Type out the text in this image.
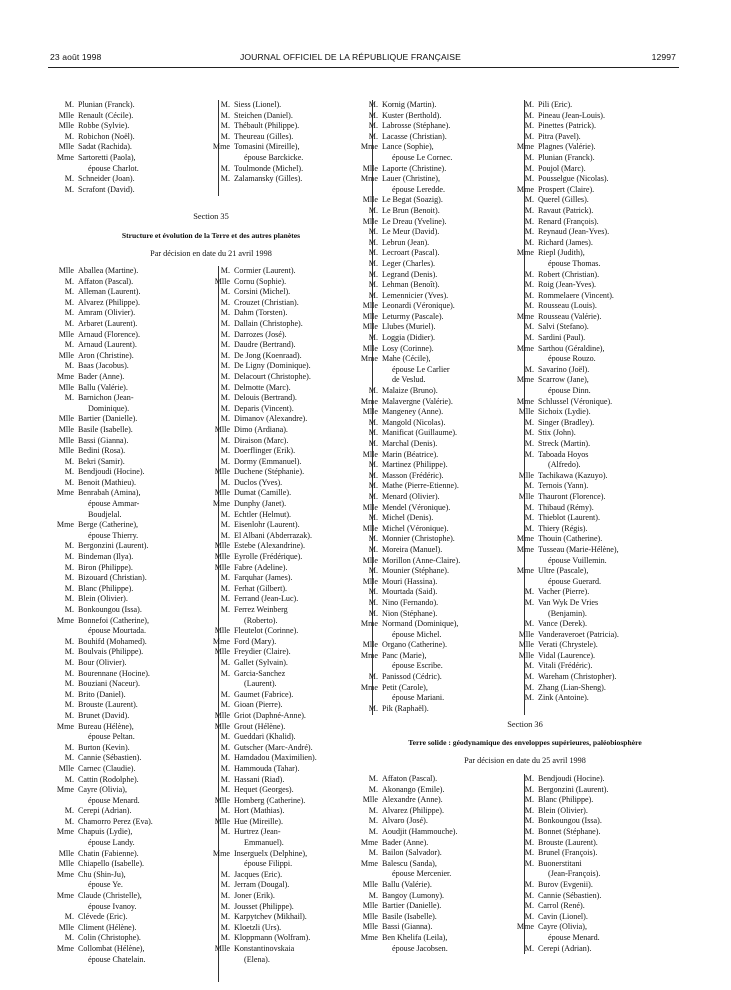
23 août 1998	JOURNAL OFFICIEL DE LA RÉPUBLIQUE FRANÇAISE	12997
M. Plunian (Franck).
Mlle Renault (Cécile).
Mlle Robbe (Sylvie).
M. Robichon (Noël).
Mlle Sadat (Rachida).
Mme Sartoretti (Paola),
épouse Charlot.
M. Schneider (Joan).
M. Scrafont (David).
M. Siess (Lionel).
M. Steichen (Daniel).
M. Thébault (Philippe).
M. Theureau (Gilles).
Mme Tomasini (Mireille),
épouse Barckicke.
M. Toulmonde (Michel).
M. Zalamansky (Gilles).
Section 35
Structure et évolution de la Terre et des autres planètes
Par décision en date du 21 avril 1998
Mlle Aballea (Martine).
M. Affaton (Pascal).
M. Alleman (Laurent).
M. Alvarez (Philippe).
M. Amram (Olivier).
M. Arbaret (Laurent).
Mlle Arnaud (Florence).
M. Arnaud (Laurent).
Mlle Aron (Christine).
M. Baas (Jacobus).
Mme Bader (Anne).
Mlle Ballu (Valérie).
M. Barnichon (Jean-
Dominique).
Mlle Bartier (Danielle).
Mlle Basile (Isabelle).
Mlle Bassi (Gianna).
Mlle Bedini (Rosa).
M. Bekri (Samir).
M. Bendjoudi (Hocine).
M. Benoit (Mathieu).
Mme Benrabah (Amina),
épouse Ammar-
Boudjelal.
Mme Berge (Catherine),
épouse Thierry.
M. Bergonzini (Laurent).
M. Bindeman (Ilya).
M. Biron (Philippe).
M. Bizouard (Christian).
M. Blanc (Philippe).
M. Blein (Olivier).
M. Bonkoungou (Issa).
Mme Bonnefoi (Catherine),
épouse Mourtada.
M. Bouhifd (Mohamed).
M. Boulvais (Philippe).
M. Bour (Olivier).
M. Bourennane (Hocine).
M. Bouziani (Naceur).
M. Brito (Daniel).
M. Brouste (Laurent).
M. Brunet (David).
Mme Bureau (Hélène),
épouse Peltan.
M. Burton (Kevin).
M. Cannie (Sébastien).
Mlle Carnec (Claudie).
M. Cattin (Rodolphe).
Mme Cayre (Olivia),
épouse Menard.
M. Cerepi (Adrian).
M. Chamorro Perez (Eva).
Mme Chapuis (Lydie),
épouse Landy.
Mlle Chatin (Fabienne).
Mlle Chiapello (Isabelle).
Mme Chu (Shin-Ju),
épouse Ye.
Mme Claude (Christelle),
épouse Ivanoy.
M. Clévede (Eric).
Mlle Climent (Hélène).
M. Colin (Christophe).
Mme Collombat (Hélène),
épouse Chatelain.
M. Cormier (Laurent).
Mlle Cornu (Sophie).
M. Corsini (Michel).
M. Crouzet (Christian).
M. Dahm (Torsten).
M. Dallain (Christophe).
M. Darrozes (José).
M. Daudre (Bertrand).
M. De Jong (Koenraad).
M. De Ligny (Dominique).
M. Delacourt (Christophe).
M. Delmotte (Marc).
M. Delouis (Bertrand).
M. Deparis (Vincent).
M. Dimanov (Alexandre).
Mlle Dimo (Ardiana).
M. Diraison (Marc).
M. Doerflinger (Erik).
M. Dormy (Emmanuel).
Mlle Duchene (Stéphanie).
M. Duclos (Yves).
Mlle Dumat (Camille).
Mme Dunphy (Janet).
M. Echtler (Helmut).
M. Eisenlohr (Laurent).
M. El Albani (Abderrazak).
Mlle Estebe (Alexandrine).
Mlle Eyrolle (Frédérique).
Mlle Fabre (Adeline).
M. Farquhar (James).
M. Ferhat (Gilbert).
M. Ferrand (Jean-Luc).
M. Ferrez Weinberg
(Roberto).
Mlle Fleutelot (Corinne).
Mme Ford (Mary).
Mlle Freydier (Claire).
M. Gallet (Sylvain).
M. Garcia-Sanchez
(Laurent).
M. Gaumet (Fabrice).
M. Gioan (Pierre).
Mlle Griot (Daphné-Anne).
Mlle Grout (Hélène).
M. Gueddari (Khalid).
M. Gutscher (Marc-André).
M. Hamdadou (Maximilien).
M. Hammouda (Tahar).
M. Hassani (Riad).
M. Hequet (Georges).
Mlle Homberg (Catherine).
M. Hort (Mathias).
Mlle Hue (Mireille).
M. Hurtrez (Jean-
Emmanuel).
Mme Inserguelx (Delphine),
épouse Filippi.
M. Jacques (Eric).
M. Jerram (Dougal).
M. Joner (Erik).
M. Jousset (Philippe).
M. Karpytchev (Mikhail).
M. Kloetzli (Urs).
M. Kloppmann (Wolfram).
Mlle Konstantinovskaia
(Elena).
M. Kornig (Martin).
M. Kuster (Berthold).
M. Labrosse (Stéphane).
M. Lacasse (Christian).
Mme Lance (Sophie),
épouse Le Cornec.
Mlle Laporte (Christine).
Mme Lauer (Christine),
épouse Leredde.
Mlle Le Begat (Soazig).
M. Le Brun (Benoit).
Mlle Le Dreau (Yveline).
M. Le Meur (David).
M. Lebrun (Jean).
M. Lecroart (Pascal).
M. Leger (Charles).
M. Legrand (Denis).
M. Lehman (Benoît).
M. Lemennicier (Yves).
Mlle Leonardi (Véronique).
Mlle Leturmy (Pascale).
Mlle Llubes (Muriel).
M. Loggia (Didier).
Mlle Losy (Corinne).
Mme Mahe (Cécile),
épouse Le Carlier
de Veslud.
M. Malaize (Bruno).
Mme Malavergne (Valérie).
Mlle Mangeney (Anne).
M. Mangold (Nicolas).
M. Manificat (Guillaume).
M. Marchal (Denis).
Mlle Marin (Béatrice).
M. Martinez (Philippe).
M. Masson (Frédéric).
M. Mathe (Pierre-Etienne).
M. Menard (Olivier).
Mlle Mendel (Véronique).
M. Michel (Denis).
Mlle Michel (Véronique).
M. Monnier (Christophe).
M. Moreira (Manuel).
Mlle Morillon (Anne-Claire).
M. Mounier (Stéphane).
Mlle Mouri (Hassina).
M. Mourtada (Said).
M. Nino (Fernando).
M. Nion (Stéphane).
Mme Normand (Dominique),
épouse Michel.
Mlle Organo (Catherine).
Mme Panc (Marie),
épouse Escribe.
M. Panissod (Cédric).
Mme Petit (Carole),
épouse Mariani.
M. Pik (Raphaël).
M. Pili (Eric).
M. Pineau (Jean-Louis).
M. Pinettes (Patrick).
M. Pitra (Pavel).
Mme Plagnes (Valérie).
M. Plunian (Franck).
M. Poujol (Marc).
M. Pousselgue (Nicolas).
Mme Prospert (Claire).
M. Querel (Gilles).
M. Ravaut (Patrick).
M. Renard (François).
M. Reynaud (Jean-Yves).
M. Richard (James).
Mme Riepl (Judith),
épouse Thomas.
M. Robert (Christian).
M. Roig (Jean-Yves).
M. Rommelaere (Vincent).
M. Rousseau (Louis).
Mme Rousseau (Valérie).
M. Salvi (Stefano).
M. Sardini (Paul).
Mme Sarthou (Géraldine),
épouse Rouzo.
M. Savarino (Joël).
Mme Scarrow (Jane),
épouse Dinn.
Mme Schlussel (Véronique).
Mlle Sichoix (Lydie).
M. Singer (Bradley).
M. Stix (John).
M. Streck (Martin).
M. Taboada Hoyos
(Alfredo).
Mlle Tachikawa (Kazuyo).
M. Ternois (Yann).
Mlle Thauront (Florence).
M. Thibaud (Rémy).
M. Thieblot (Laurent).
M. Thiery (Régis).
Mme Thouin (Catherine).
Mme Tusseau (Marie-Hélène),
épouse Vuillemin.
Mme Ultre (Pascale),
épouse Guerard.
M. Vacher (Pierre).
M. Van Wyk De Vries
(Benjamin).
M. Vance (Derek).
Mlle Vanderaveroet (Patricia).
Mlle Verati (Chrystele).
Mlle Vidal (Laurence).
M. Vitali (Frédéric).
M. Wareham (Christopher).
M. Zhang (Lian-Sheng).
M. Zink (Antoine).
Section 36
Terre solide : géodynamique des enveloppes supérieures, paléobiosphère
Par décision en date du 25 avril 1998
M. Affaton (Pascal).
M. Akonango (Emile).
Mlle Alexandre (Anne).
M. Alvarez (Philippe).
M. Alvaro (José).
M. Aoudjit (Hammouche).
Mme Bader (Anne).
M. Bailon (Salvador).
Mme Balescu (Sanda),
épouse Mercenier.
Mlle Ballu (Valérie).
M. Bangoy (Lumony).
Mlle Bartier (Danielle).
Mlle Basile (Isabelle).
Mlle Bassi (Gianna).
Mme Ben Khelifa (Leila),
épouse Jacobsen.
M. Bendjoudi (Hocine).
M. Bergonzini (Laurent).
M. Blanc (Philippe).
M. Blein (Olivier).
M. Bonkoungou (Issa).
M. Bonnet (Stéphane).
M. Brouste (Laurent).
M. Brunel (François).
M. Buonerstitani
(Jean-François).
M. Burov (Evgenii).
M. Cannie (Sébastien).
M. Carrol (René).
M. Cavin (Lionel).
Mme Cayre (Olivia),
épouse Menard.
M. Cerepi (Adrian).
